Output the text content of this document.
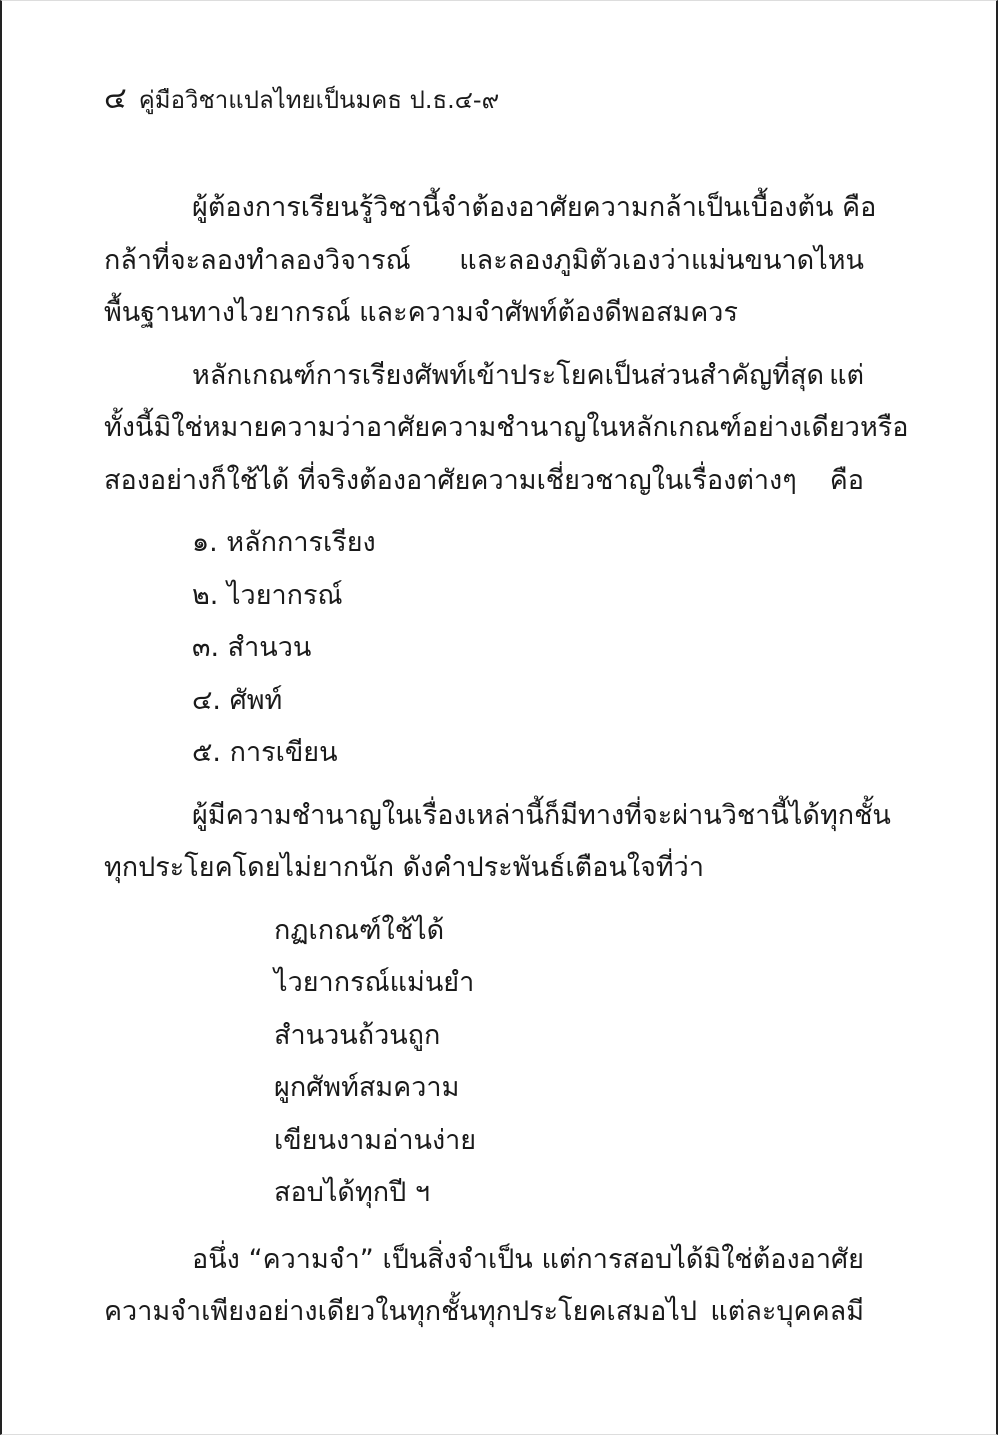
๔ คู่มือวิชาแปลไทยเป็นมคธ ป.ธ.๔-๙
ผู้ต้องการเรียนรู้วิชานี้ จำต้องอาศัยความกล้าเป็นเบื้องต้น คือ
กล้าที่จะลองทำลองวิจารณ์ และลองภูมิตัวเองว่าแม่นขนาดไหน
พื้นฐานทางไวยากรณ์ และความจำศัพท์ต้องดีพอสมควร
หลักเกณฑ์การเรียงศัพท์เข้าประโยคเป็นส่วนสำคัญที่สุด แต่
ทั้งนี้มิใช่หมายความว่าอาศัยความชำนาญในหลักเกณฑ์อย่างเดียว หรือ
สองอย่างก็ใช้ได้ ที่จริงต้องอาศัยความเชี่ยวชาญในเรื่องต่างๆ คือ
๑. หลักการเรียง
๒. ไวยากรณ์
๓. สำนวน
๔. ศัพท์
๕. การเขียน
ผู้มีความชำนาญในเรื่องเหล่านี้ ก็มีทางที่จะผ่านวิชานี้ได้ทุกชั้น
ทุกประโยคโดยไม่ยากนัก ดังคำประพันธ์เตือนใจที่ว่า
กฏเกณฑ์ใช้ได้
ไวยากรณ์แม่นยำ
สำนวนถ้วนถูก
ผูกศัพท์สมความ
เขียนงามอ่านง่าย
สอบได้ทุกปี ฯ
อนึ่ง “ความจำ” เป็นสิ่งจำเป็น แต่การสอบได้มิใช่ต้องอาศัย
ความจำเพียงอย่างเดียวในทุกชั้นทุกประโยคเสมอไป แต่ละบุคคลมี
